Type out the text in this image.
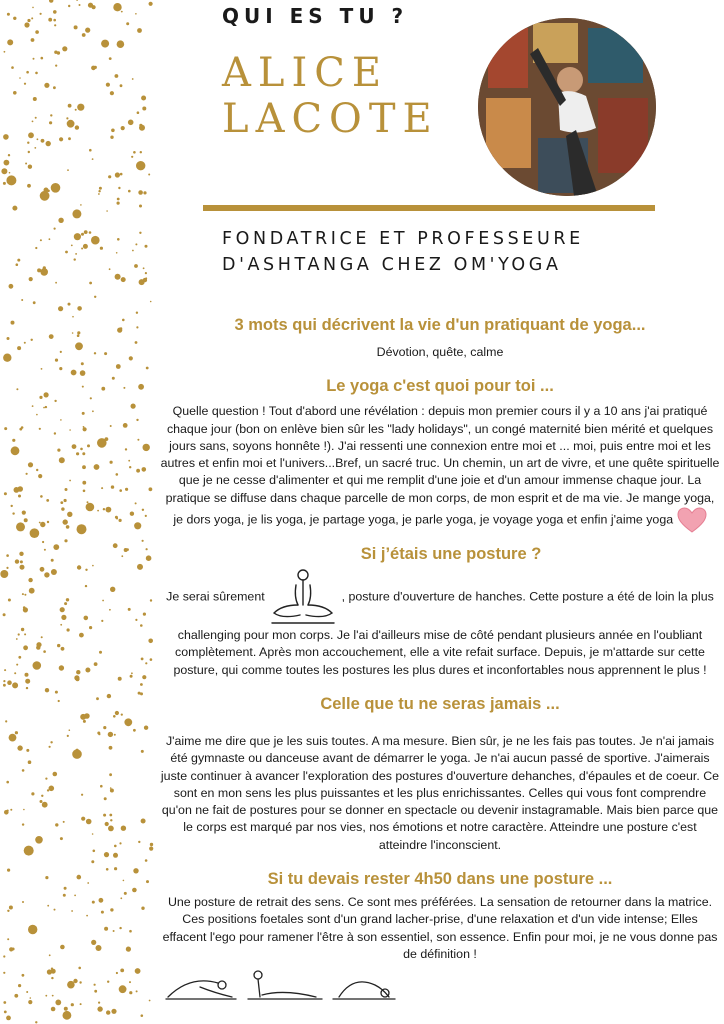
QUI ES TU ?
ALICE
LACOTE
FONDATRICE ET PROFESSEURE
D'ASHTANGA CHEZ OM'YOGA
3 mots qui décrivent la vie d'un pratiquant de yoga...
Dévotion, quête, calme
Le yoga c'est quoi pour toi ...

Quelle question ! Tout d'abord une révélation : depuis mon premier cours il y a 10 ans j'ai pratiqué chaque jour (bon on enlève bien sûr les "lady holidays", un congé maternité bien mérité et quelques jours sans, soyons honnête !). J'ai ressenti une connexion entre moi et ... moi, puis entre moi et les autres et enfin moi et l'univers...Bref, un sacré truc. Un chemin, un art de vivre, et une quête spirituelle que je ne cesse d'alimenter et qui me remplit d'une joie et d'un amour immense chaque jour. La pratique se diffuse dans chaque parcelle de mon corps, de mon esprit et de ma vie. Je mange yoga, je dors yoga, je lis yoga, je partage yoga, je parle yoga, je voyage yoga et enfin j'aime yoga

Si j’étais une posture ?

Je serai sûrement	, posture d'ouverture de hanches. Cette posture a été de loin la plus challenging pour mon corps. Je l'ai d'ailleurs mise de côté pendant plusieurs année en l'oubliant complètement. Après mon accouchement, elle a vite refait surface. Depuis, je m'attarde sur cette posture, qui comme toutes les postures les plus dures et inconfortables nous apprennent le plus !

Celle que tu ne seras jamais ...

J'aime me dire que je les suis toutes. A ma mesure. Bien sûr, je ne les fais pas toutes. Je n'ai jamais été gymnaste ou danceuse avant de démarrer le yoga. Je n'ai aucun passé de sportive. J'aimerais juste continuer à avancer l'exploration des postures d'ouverture dehanches, d'épaules et de coeur. Ce sont en mon sens les plus puissantes et les plus enrichissantes. Celles qui vous font comprendre qu'on ne fait de postures pour se donner en spectacle ou devenir instagramable. Mais bien parce que le corps est marqué par nos vies, nos émotions et notre caractère. Atteindre une posture c'est atteindre l'inconscient.

Si tu devais rester 4h50 dans une posture ...

Une posture de retrait des sens. Ce sont mes préférées. La sensation de retourner dans la matrice. Ces positions foetales sont d'un grand lacher-prise, d'une relaxation et d'un vide intense; Elles effacent l'ego pour ramener l'être à son essentiel, son essence. Enfin pour moi, je ne vous donne pas de définition !
